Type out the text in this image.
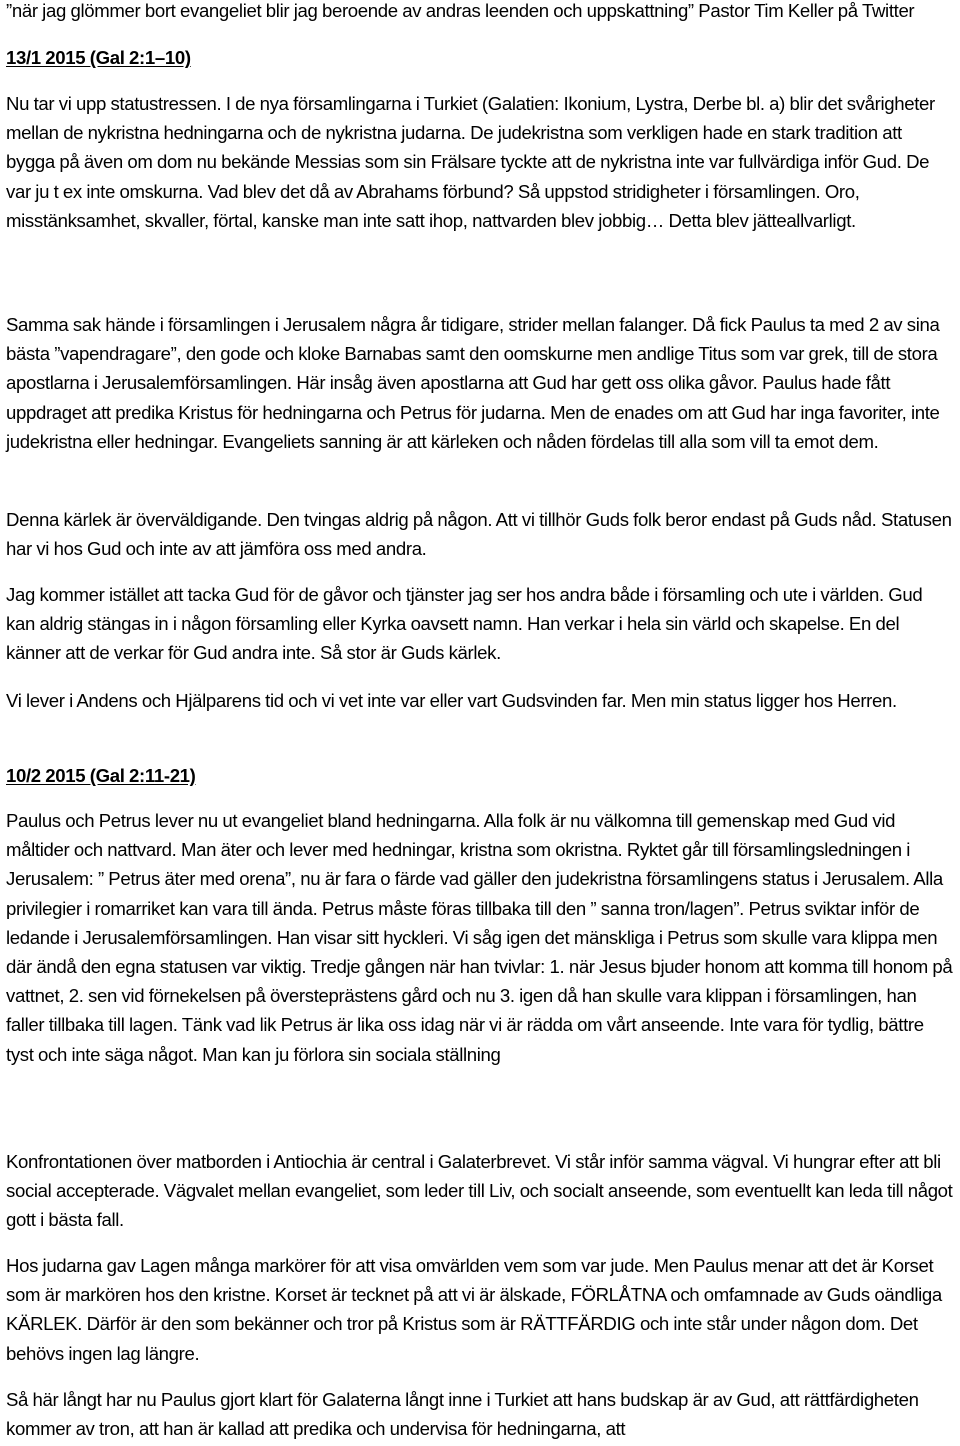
”när jag glömmer bort evangeliet blir jag beroende av andras leenden och uppskattning” Pastor Tim Keller på Twitter

13/1 2015 (Gal 2:1–10)

Nu tar vi upp statustressen. I de nya församlingarna i Turkiet (Galatien: Ikonium, Lystra, Derbe bl. a) blir det svårigheter mellan de nykristna hedningarna och de nykristna judarna. De judekristna som verkligen hade en stark tradition att bygga på även om dom nu bekände Messias som sin Frälsare tyckte att de nykristna inte var fullvärdiga inför Gud. De var ju t ex inte omskurna. Vad blev det då av Abrahams förbund? Så uppstod stridigheter i församlingen. Oro, misstänksamhet, skvaller, förtal, kanske man inte satt ihop, nattvarden blev jobbig… Detta blev jätteallvarligt.

Samma sak hände i församlingen i Jerusalem några år tidigare, strider mellan falanger. Då fick Paulus ta med 2 av sina bästa ”vapendragare”, den gode och kloke Barnabas samt den oomskurne men andlige Titus som var grek, till de stora apostlarna i Jerusalemförsamlingen. Här insåg även apostlarna att Gud har gett oss olika gåvor. Paulus hade fått uppdraget att predika Kristus för hedningarna och Petrus för judarna. Men de enades om att Gud har inga favoriter, inte judekristna eller hedningar. Evangeliets sanning är att kärleken och nåden fördelas till alla som vill ta emot dem.

Denna kärlek är överväldigande. Den tvingas aldrig på någon. Att vi tillhör Guds folk beror endast på Guds nåd. Statusen har vi hos Gud och inte av att jämföra oss med andra.

Jag kommer istället att tacka Gud för de gåvor och tjänster jag ser hos andra både i församling och ute i världen. Gud kan aldrig stängas in i någon församling eller Kyrka oavsett namn. Han verkar i hela sin värld och skapelse. En del känner att de verkar för Gud andra inte. Så stor är Guds kärlek.

Vi lever i Andens och Hjälparens tid och vi vet inte var eller vart Gudsvinden far. Men min status ligger hos Herren.

10/2 2015 (Gal 2:11-21)

Paulus och Petrus lever nu ut evangeliet bland hedningarna. Alla folk är nu välkomna till gemenskap med Gud vid måltider och nattvard. Man äter och lever med hedningar, kristna som okristna. Ryktet går till församlingsledningen i Jerusalem: ” Petrus äter med orena”, nu är fara o färde vad gäller den judekristna församlingens status i Jerusalem. Alla privilegier i romarriket kan vara till ända. Petrus måste föras tillbaka till den ” sanna tron/lagen”. Petrus sviktar inför de ledande i Jerusalemförsamlingen. Han visar sitt hyckleri. Vi såg igen det mänskliga i Petrus som skulle vara klippa men där ändå den egna statusen var viktig. Tredje gången när han tvivlar: 1. när Jesus bjuder honom att komma till honom på vattnet, 2. sen vid förnekelsen på översteprästens gård och nu 3. igen då han skulle vara klippan i församlingen, han faller tillbaka till lagen. Tänk vad lik Petrus är lika oss idag när vi är rädda om vårt anseende. Inte vara för tydlig, bättre tyst och inte säga något. Man kan ju förlora sin sociala ställning

Konfrontationen över matborden i Antiochia är central i Galaterbrevet. Vi står inför samma vägval. Vi hungrar efter att bli social accepterade. Vägvalet mellan evangeliet, som leder till Liv, och socialt anseende, som eventuellt kan leda till något gott i bästa fall.

Hos judarna gav Lagen många markörer för att visa omvärlden vem som var jude. Men Paulus menar att det är Korset som är markören hos den kristne. Korset är tecknet på att vi är älskade, FÖRLÅTNA och omfamnade av Guds oändliga KÄRLEK. Därför är den som bekänner och tror på Kristus som är RÄTTFÄRDIG och inte står under någon dom. Det behövs ingen lag längre.

Så här långt har nu Paulus gjort klart för Galaterna långt inne i Turkiet att hans budskap är av Gud, att rättfärdigheten kommer av tron, att han är kallad att predika och undervisa för hedningarna, att
